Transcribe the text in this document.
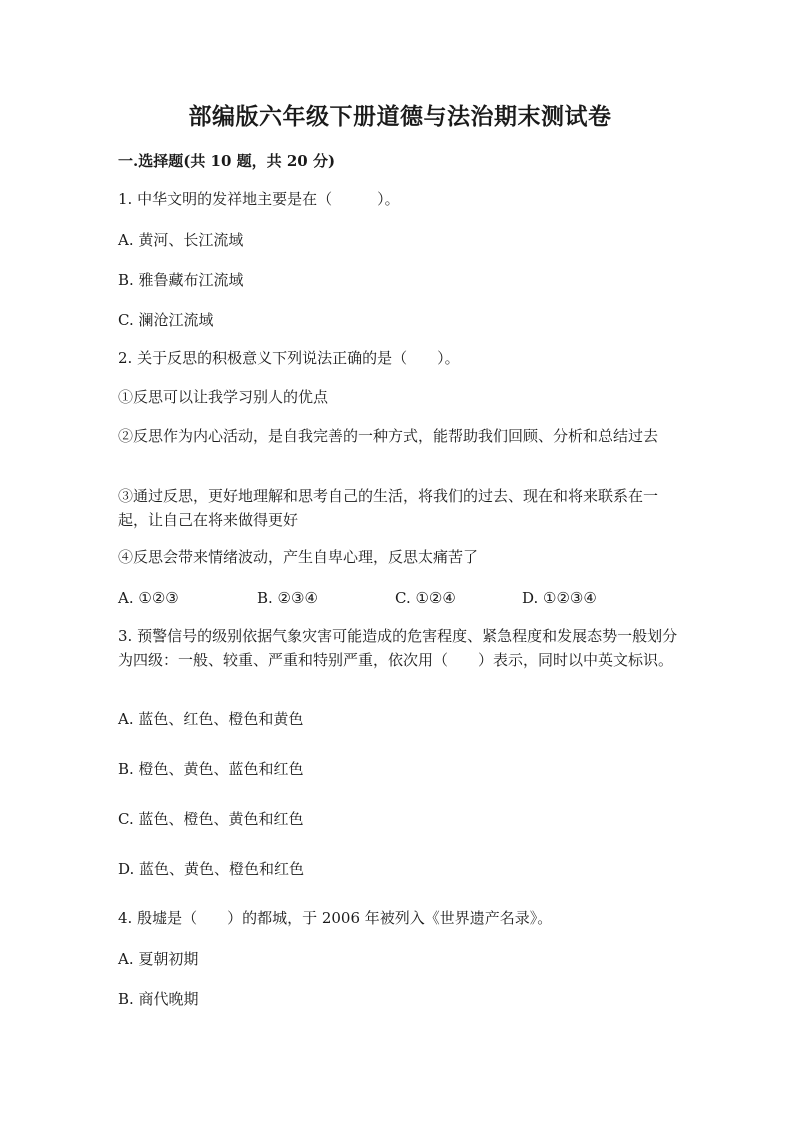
部编版六年级下册道德与法治期末测试卷
一.选择题(共 10 题，共 20 分)
1. 中华文明的发祥地主要是在（　　　）。
A. 黄河、长江流域
B. 雅鲁藏布江流域
C. 澜沧江流域
2. 关于反思的积极意义下列说法正确的是（　　）。
①反思可以让我学习别人的优点
②反思作为内心活动，是自我完善的一种方式，能帮助我们回顾、分析和总结过去
③通过反思，更好地理解和思考自己的生活，将我们的过去、现在和将来联系在一起，让自己在将来做得更好
④反思会带来情绪波动，产生自卑心理，反思太痛苦了
A. ①②③	B. ②③④	C. ①②④	D. ①②③④
3. 预警信号的级别依据气象灾害可能造成的危害程度、紧急程度和发展态势一般划分为四级：一般、较重、严重和特别严重，依次用（　　）表示，同时以中英文标识。
A. 蓝色、红色、橙色和黄色
B. 橙色、黄色、蓝色和红色
C. 蓝色、橙色、黄色和红色
D. 蓝色、黄色、橙色和红色
4. 殷墟是（　　）的都城，于 2006 年被列入《世界遗产名录》。
A. 夏朝初期
B. 商代晚期
